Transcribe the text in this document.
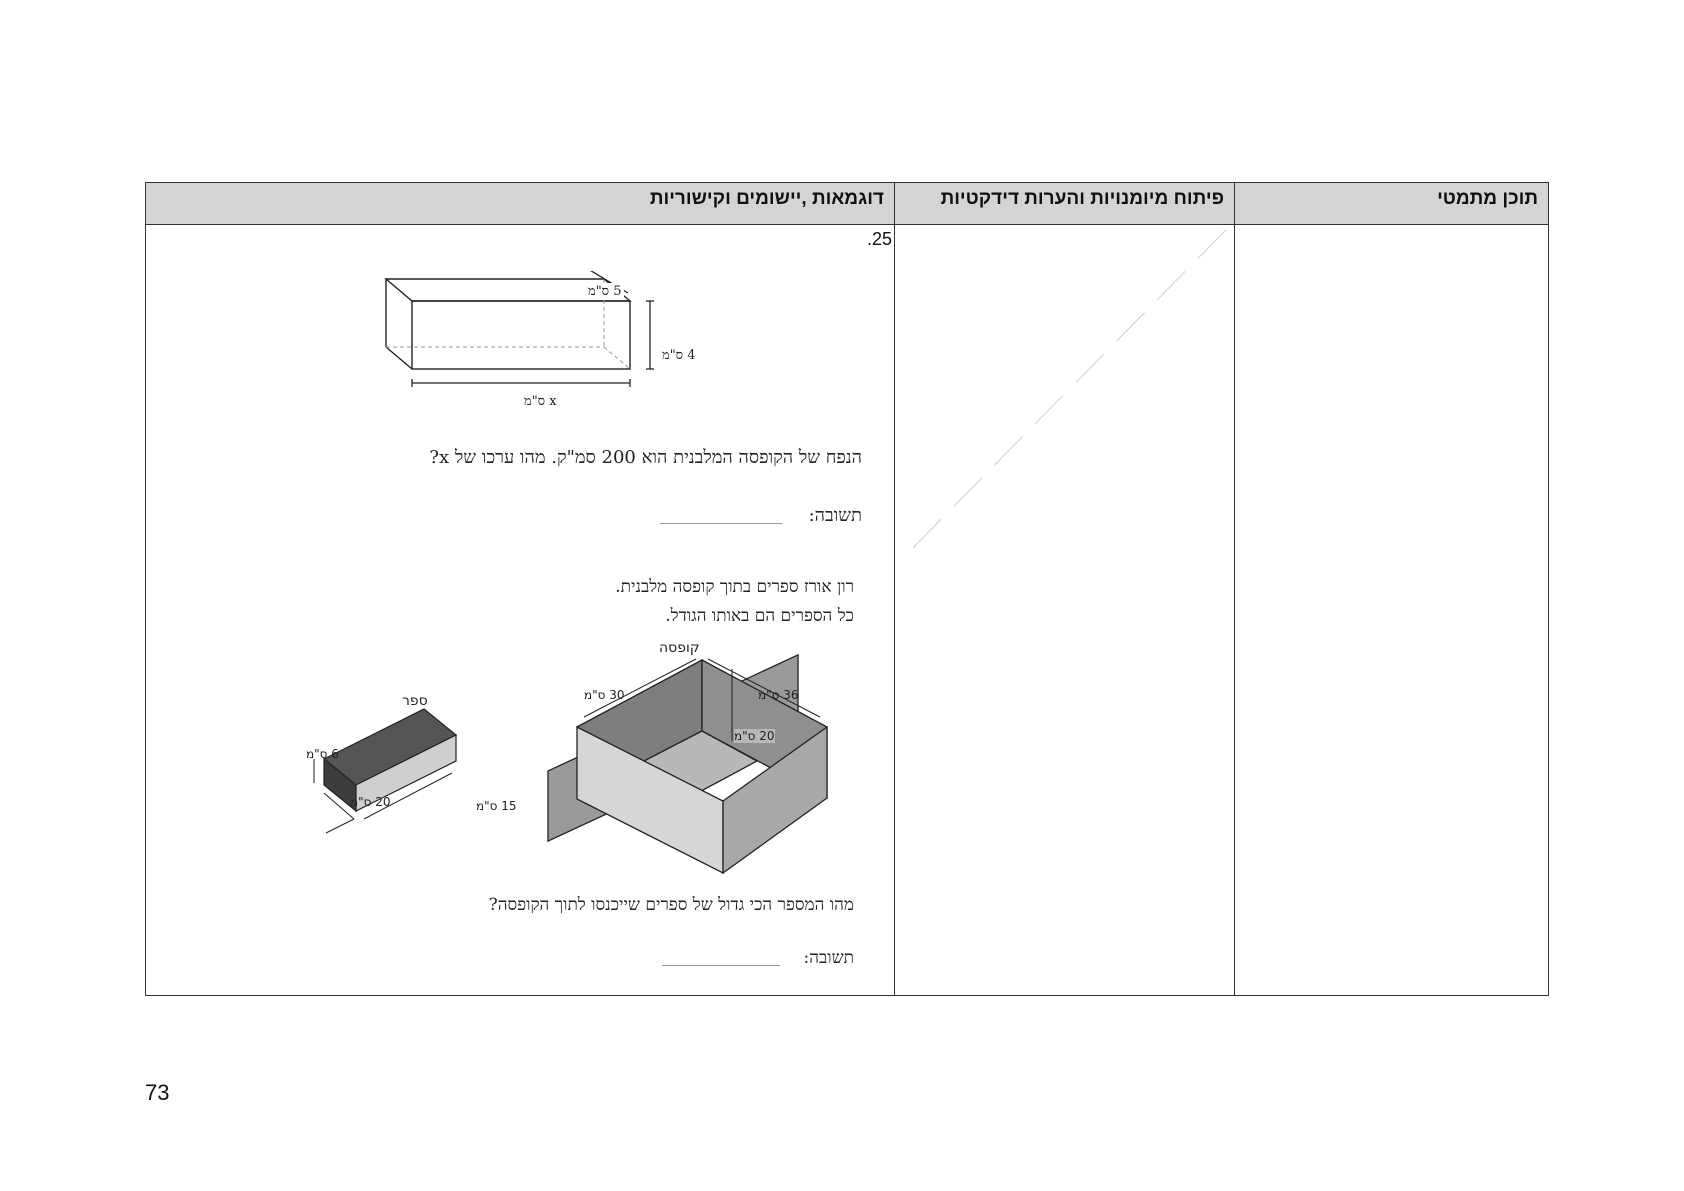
דוגמאות ,יישומים וקישוריות	פיתוח מיומנויות והערות דידקטיות	תוכן מתמטי
.25
5 ס"מ
4 ס"מ
x ס"מ
הנפח של הקופסה המלבנית הוא 200 סמ"ק. מהו ערכו של x?
תשובה:
רון אורז ספרים בתוך קופסה מלבנית.
כל הספרים הם באותו הגודל.
קופסה
30 ס"מ	36 ס"מ
20 ס"מ
ספר
6 ס"מ
20 ס"מ	15 ס"מ
מהו המספר הכי גדול של ספרים שייכנסו לתוך הקופסה?
תשובה:
73
